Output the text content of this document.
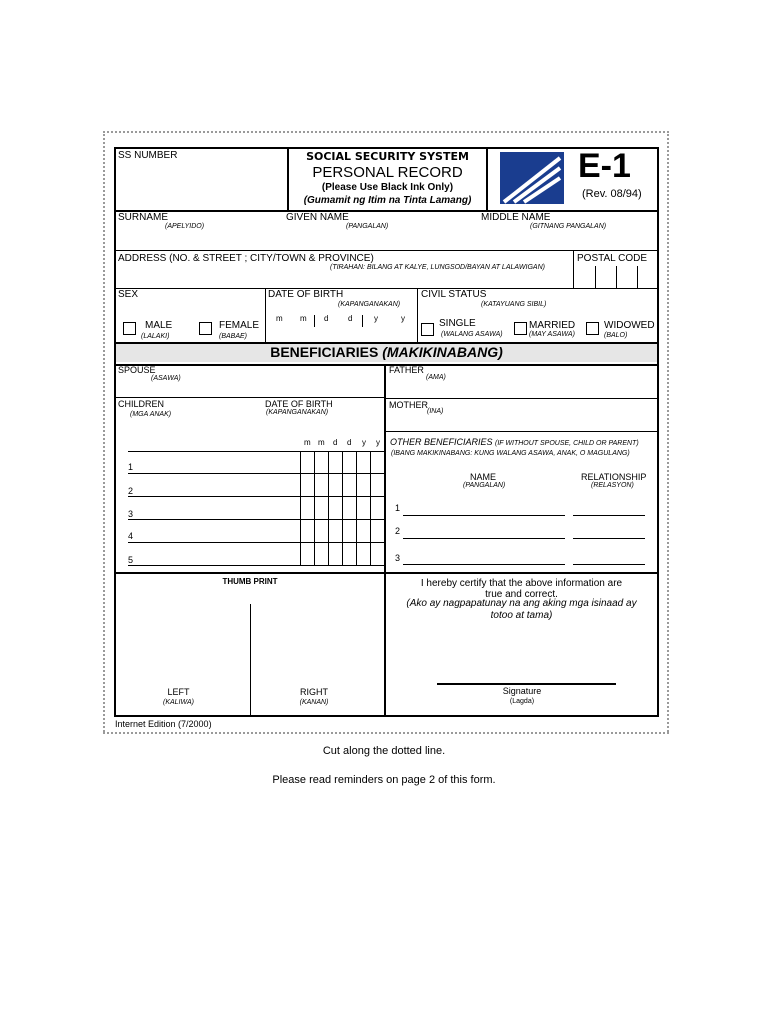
SS NUMBER	SOCIAL SECURITY SYSTEM
PERSONAL RECORD
(Please Use Black Ink Only)
(Gumamit ng Itim na Tinta Lamang)
E-1
(Rev. 08/94)
SURNAME
(APELYIDO)
GIVEN NAME
(PANGALAN)
MIDDLE NAME
(GITNANG PANGALAN)
ADDRESS (NO. & STREET ; CITY/TOWN & PROVINCE)
(TIRAHAN: BILANG AT KALYE, LUNGSOD/BAYAN AT LALAWIGAN)
POSTAL CODE
SEX
MALE
(LALAKI)
FEMALE
(BABAE)
DATE OF BIRTH
(KAPANGANAKAN)
m m d d	y	y
CIVIL STATUS
(KATAYUANG SIBIL)
SINGLE
(WALANG ASAWA)
MARRIED
(MAY ASAWA)
WIDOWED
(BALO)
BENEFICIARIES (MAKIKINABANG)
SPOUSE
(ASAWA)
FATHER
(AMA)
CHILDREN
(MGA ANAK)
DATE OF BIRTH
(KAPANGANAKAN)
MOTHER
(INA)
m m d d y y
1
2
3
4
5
OTHER BENEFICIARIES (IF WITHOUT SPOUSE, CHILD OR PARENT)
(IBANG MAKIKINABANG: KUNG WALANG ASAWA, ANAK, O MAGULANG)
NAME
(PANGALAN)
RELATIONSHIP
(RELASYON)
1
2
3
THUMB PRINT
LEFT
(KALIWA)
RIGHT
(KANAN)
I hereby certify that the above information are
true and correct.
(Ako ay nagpapatunay na ang aking mga isinaad ay
totoo at tama)
Signature
(Lagda)
Internet Edition (7/2000)
Cut along the dotted line.
Please read reminders on page 2 of this form.
